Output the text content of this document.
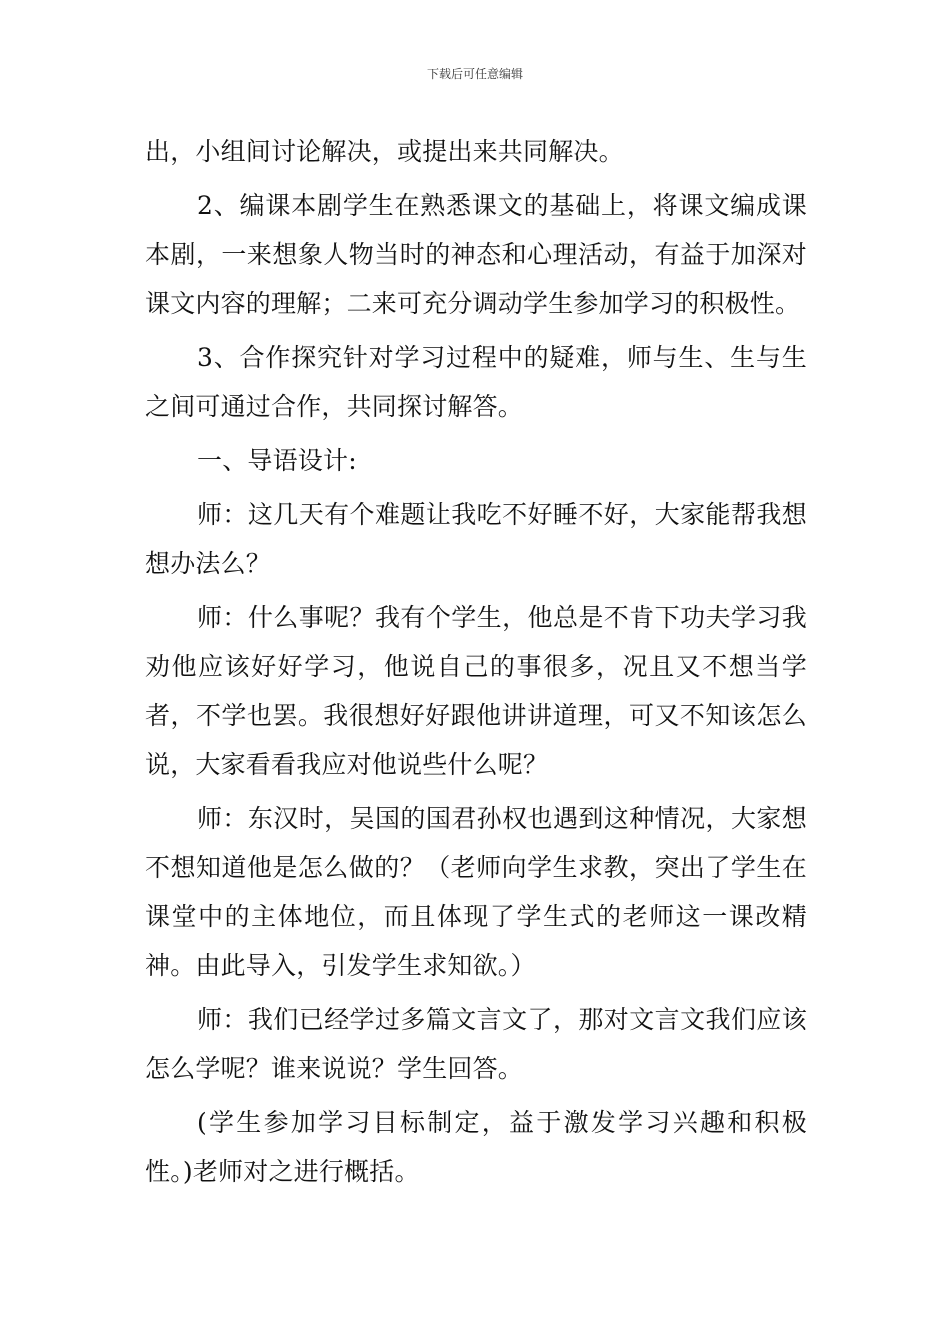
下载后可任意编辑

出，小组间讨论解决，或提出来共同解决。

2、编课本剧学生在熟悉课文的基础上，将课文编成课本剧，一来想象人物当时的神态和心理活动，有益于加深对课文内容的理解；二来可充分调动学生参加学习的积极性。

3、合作探究针对学习过程中的疑难，师与生、生与生之间可通过合作，共同探讨解答。

一、导语设计:

师：这几天有个难题让我吃不好睡不好，大家能帮我想想办法么？

师：什么事呢？我有个学生，他总是不肯下功夫学习我劝他应该好好学习，他说自己的事很多，况且又不想当学者，不学也罢。我很想好好跟他讲讲道理，可又不知该怎么说，大家看看我应对他说些什么呢？

师：东汉时，吴国的国君孙权也遇到这种情况，大家想不想知道他是怎么做的？（老师向学生求教，突出了学生在课堂中的主体地位，而且体现了学生式的老师这一课改精神。由此导入，引发学生求知欲。）

师：我们已经学过多篇文言文了，那对文言文我们应该怎么学呢？谁来说说？学生回答。

(学生参加学习目标制定，益于激发学习兴趣和积极性。)老师对之进行概括。
